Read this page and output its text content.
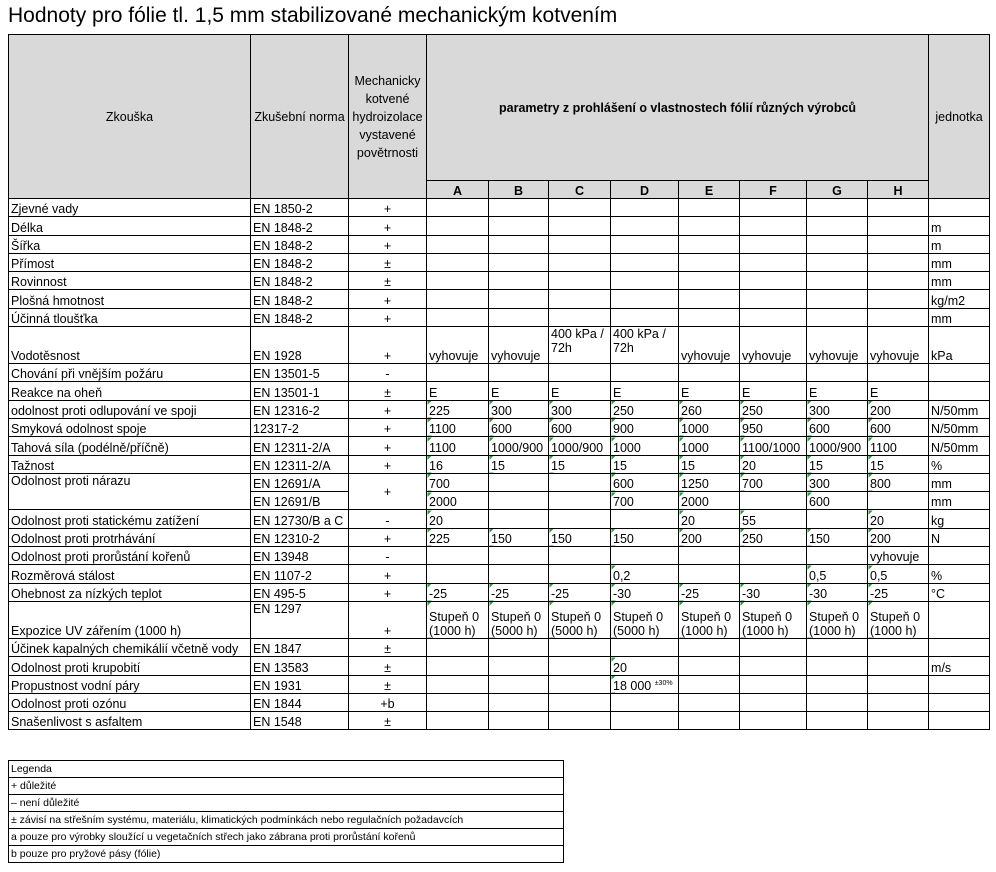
Hodnoty pro fólie tl. 1,5 mm stabilizované mechanickým kotvením
Zkouška	Zkušební norma	Mechanicky kotvené hydroizolace vystavené povětrnosti	parametry z prohlášení o vlastnostech fólií různých výrobců								jednotka
			A	B	C	D	E	F	G	H	
Zjevné vady	EN 1850-2	+									
Délka	EN 1848-2	+									m
Šířka	EN 1848-2	+									m
Přímost	EN 1848-2	±									mm
Rovinnost	EN 1848-2	±									mm
Plošná hmotnost	EN 1848-2	+									kg/m2
Účinná tloušťka	EN 1848-2	+									mm
Vodotěsnost	EN 1928	+	vyhovuje	vyhovuje	400 kPa / 72h	400 kPa / 72h	vyhovuje	vyhovuje	vyhovuje	vyhovuje	kPa
Chování při vnějším požáru	EN 13501-5	-									
Reakce na oheň	EN 13501-1	±	E	E	E	E	E	E	E	E	
odolnost proti odlupování ve spoji	EN 12316-2	+	225	300	300	250	260	250	300	200	N/50mm
Smyková odolnost spoje	12317-2	+	1100	600	600	900	1000	950	600	600	N/50mm
Tahová síla (podélně/příčně)	EN 12311-2/A	+	1100	1000/900	1000/900	1000	1000	1100/1000	1000/900	1100	N/50mm
Tažnost	EN 12311-2/A	+	16	15	15	15	15	20	15	15	%
Odolnost proti nárazu	EN 12691/A	+	700			600	1250	700	300	800	mm
	EN 12691/B		2000			700	2000		600		mm
Odolnost proti statickému zatížení	EN 12730/B a C	-	20				20	55		20	kg
Odolnost proti protrhávání	EN 12310-2	+	225	150	150	150	200	250	150	200	N
Odolnost proti prorůstání kořenů	EN 13948	-								vyhovuje	
Rozměrová stálost	EN 1107-2	+				0,2			0,5	0,5	%
Ohebnost za nízkých teplot	EN 495-5	+	-25	-25	-25	-30	-25	-30	-30	-25	°C
Expozice UV zářením (1000 h)	EN 1297	+	Stupeň 0 (1000 h)	Stupeň 0 (5000 h)	Stupeň 0 (5000 h)	Stupeň 0 (5000 h)	Stupeň 0 (1000 h)	Stupeň 0 (1000 h)	Stupeň 0 (1000 h)	Stupeň 0 (1000 h)	
Účinek kapalných chemikálií včetně vody	EN 1847	±									
Odolnost proti krupobití	EN 13583	±				20					m/s
Propustnost vodní páry	EN 1931	±				18 000 $^{\pm 30\%}$					
Odolnost proti ozónu	EN 1844	+b									
Snašenlivost s asfaltem	EN 1548	±									
Legenda
+ důležité
– není důležité
± závisí na střešním systému, materiálu, klimatických podmínkách nebo regulačních požadavcích
a pouze pro výrobky sloužící u vegetačních střech jako zábrana proti prorůstání kořenů
b pouze pro pryžové pásy (fólie)
